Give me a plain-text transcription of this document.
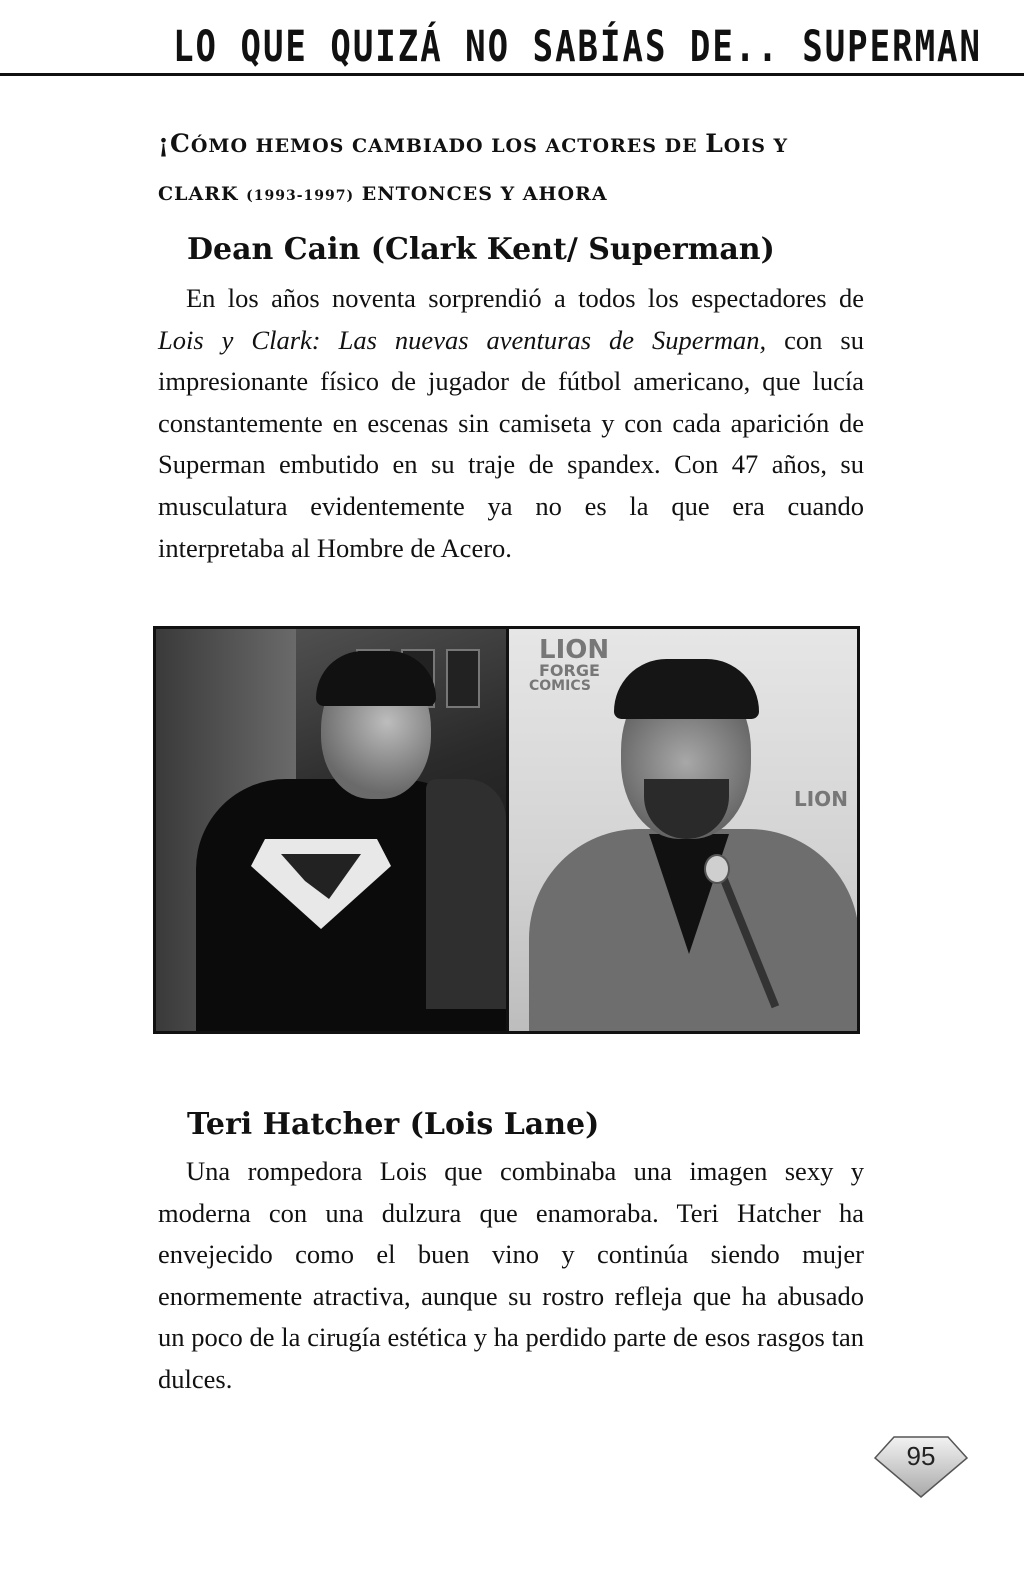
LO QUE QUIZÁ NO SABÍAS DE.. SUPERMAN
¡CÓMO HEMOS CAMBIADO LOS ACTORES DE LOIS Y
CLARK (1993-1997) ENTONCES Y AHORA
Dean Cain (Clark Kent/ Superman)

En los años noventa sorprendió a todos los espectadores de Lois y Clark: Las nuevas aventuras de Superman, con su impresionante físico de jugador de fútbol americano, que lucía constantemente en escenas sin camiseta y con cada aparición de Superman embutido en su traje de spandex. Con 47 años, su musculatura evidentemente ya no es la que era cuando interpretaba al Hombre de Acero.

LION
FORGE
COMICS
LION
Teri Hatcher (Lois Lane)

Una rompedora Lois que combinaba una imagen sexy y moderna con una dulzura que enamoraba. Teri Hatcher ha envejecido como el buen vino y continúa siendo mujer enormemente atractiva, aunque su rostro refleja que ha abusado un poco de la cirugía estética y ha perdido parte de esos rasgos tan dulces.

95
